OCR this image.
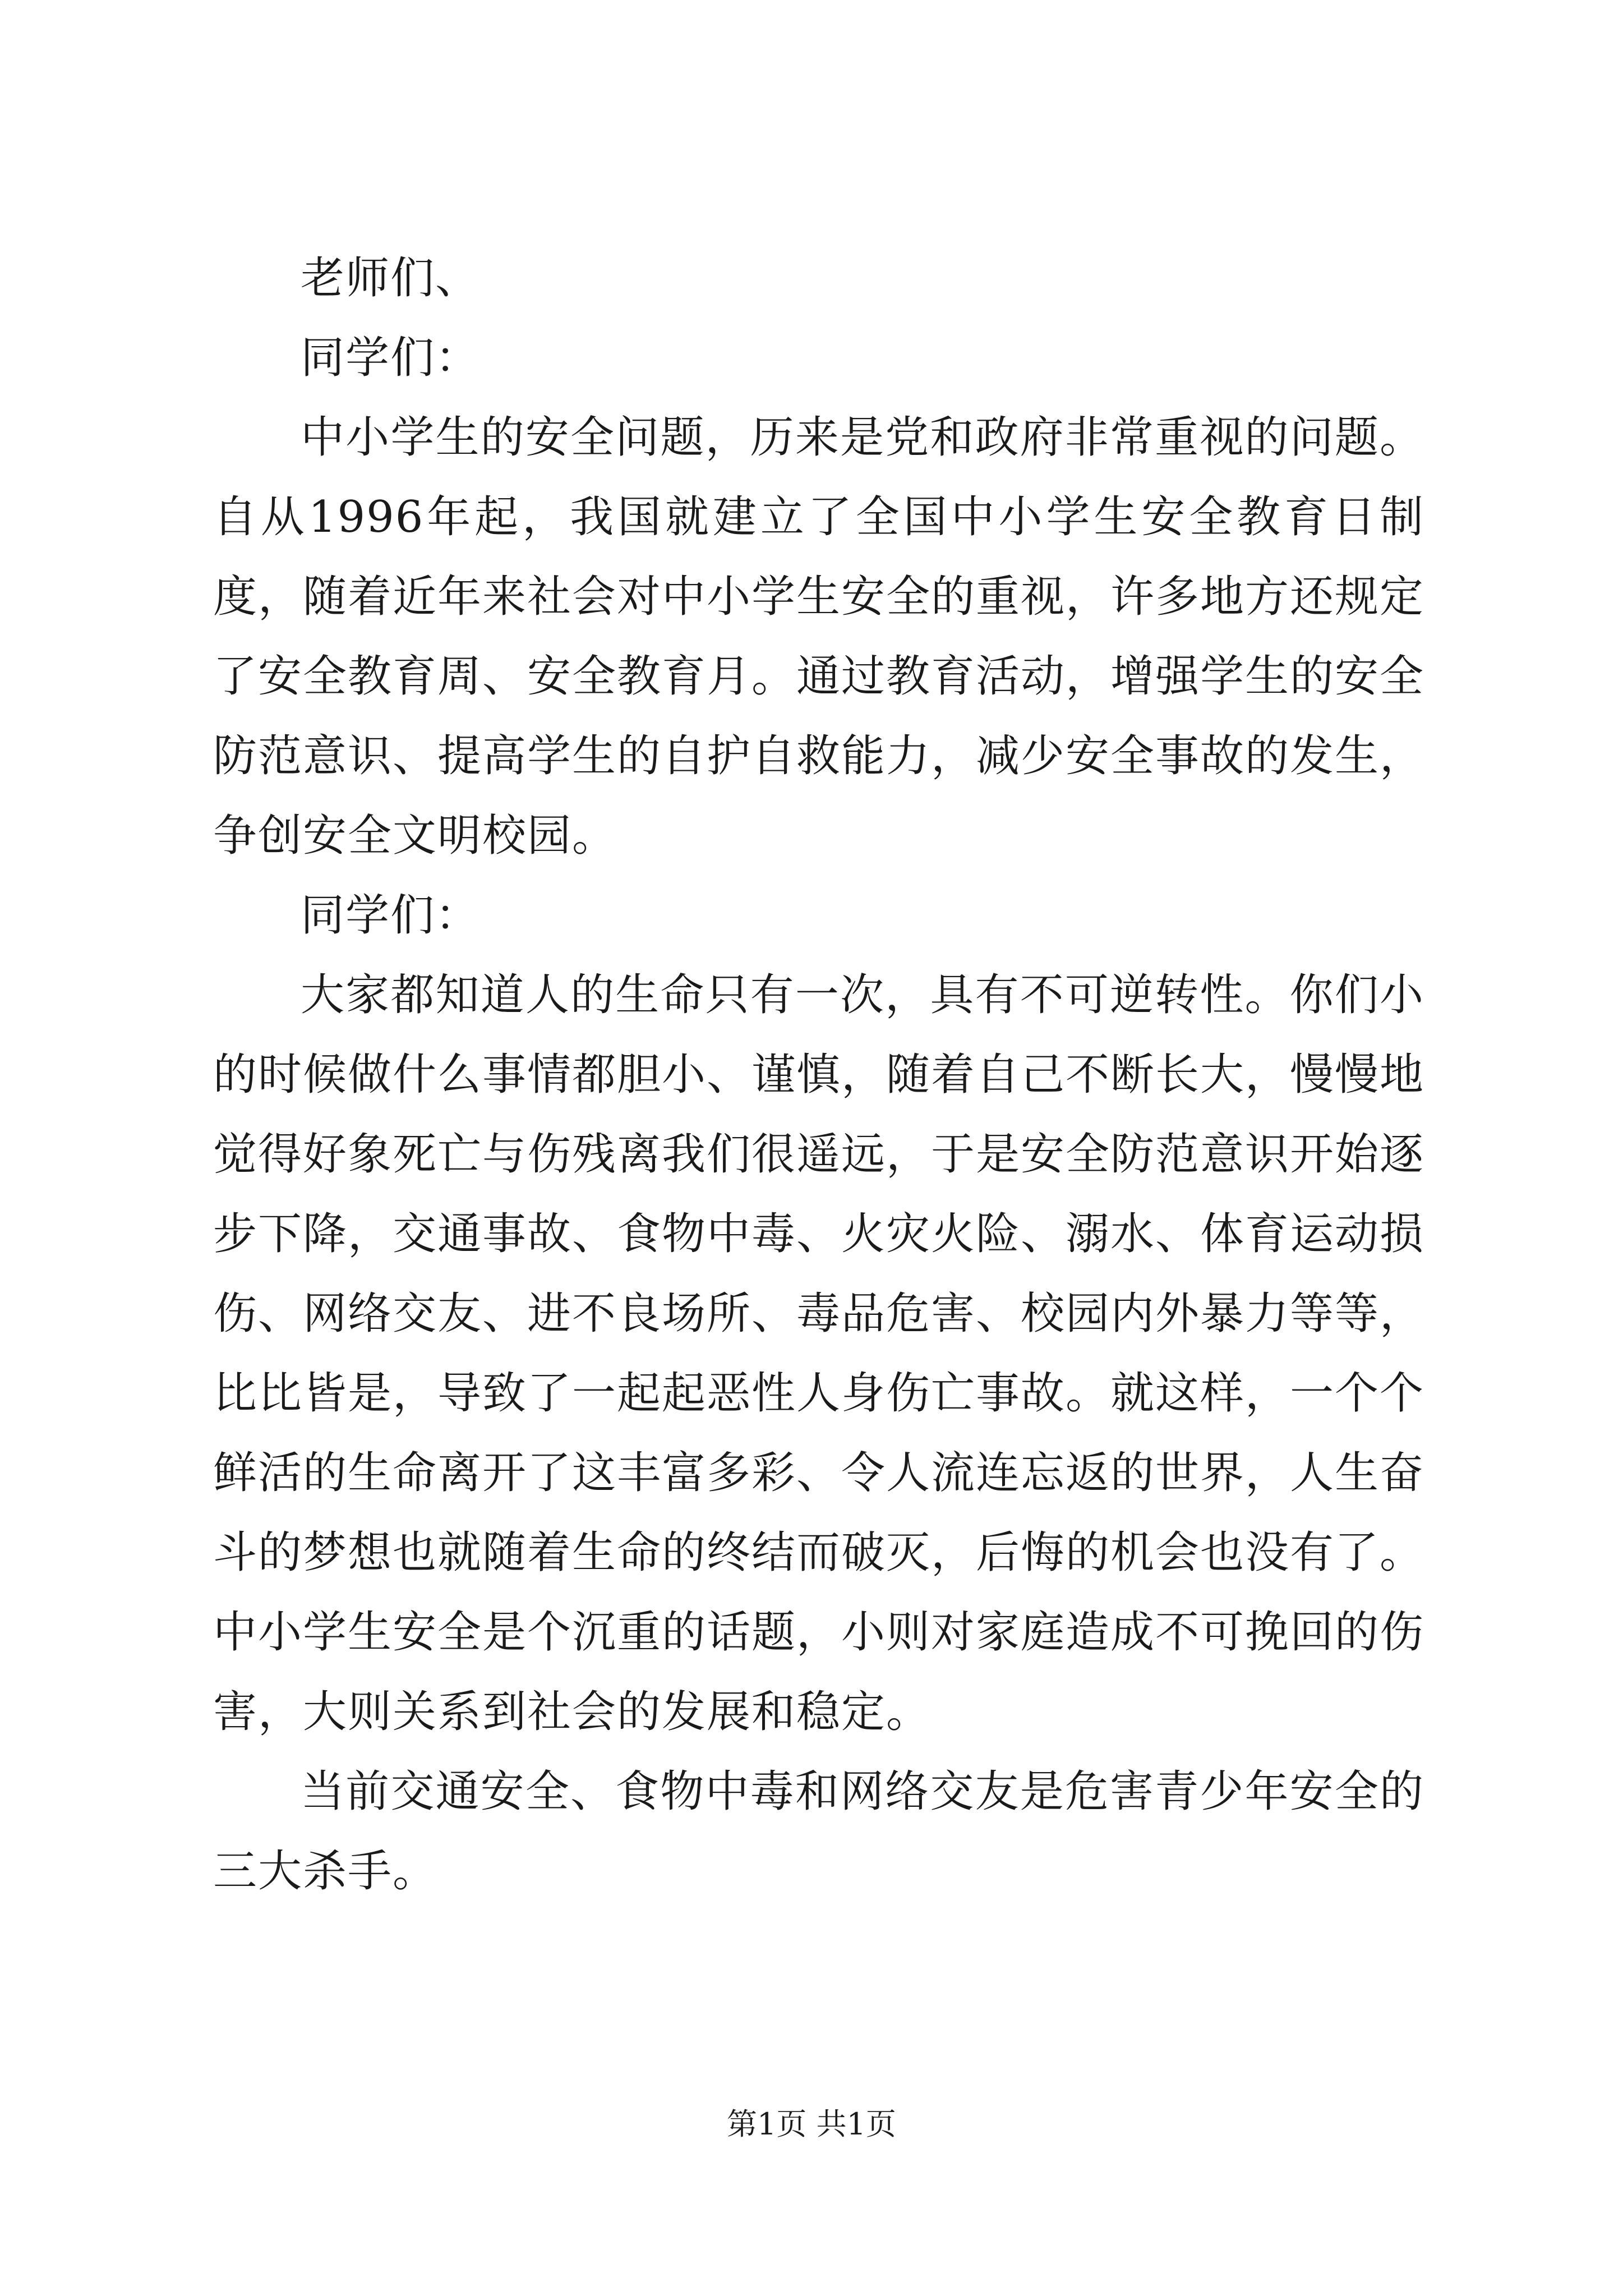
老师们、

同学们：

中小学生的安全问题，历来是党和政府非常重视的问题。自从1996年起，我国就建立了全国中小学生安全教育日制度，随着近年来社会对中小学生安全的重视，许多地方还规定了安全教育周、安全教育月。通过教育活动，增强学生的安全防范意识、提高学生的自护自救能力，减少安全事故的发生，争创安全文明校园。

同学们：

大家都知道人的生命只有一次，具有不可逆转性。你们小的时候做什么事情都胆小、谨慎，随着自己不断长大，慢慢地觉得好象死亡与伤残离我们很遥远，于是安全防范意识开始逐步下降，交通事故、食物中毒、火灾火险、溺水、体育运动损伤、网络交友、进不良场所、毒品危害、校园内外暴力等等，比比皆是，导致了一起起恶性人身伤亡事故。就这样，一个个鲜活的生命离开了这丰富多彩、令人流连忘返的世界，人生奋斗的梦想也就随着生命的终结而破灭，后悔的机会也没有了。中小学生安全是个沉重的话题，小则对家庭造成不可挽回的伤害，大则关系到社会的发展和稳定。

当前交通安全、食物中毒和网络交友是危害青少年安全的三大杀手。

第1页 共1页
